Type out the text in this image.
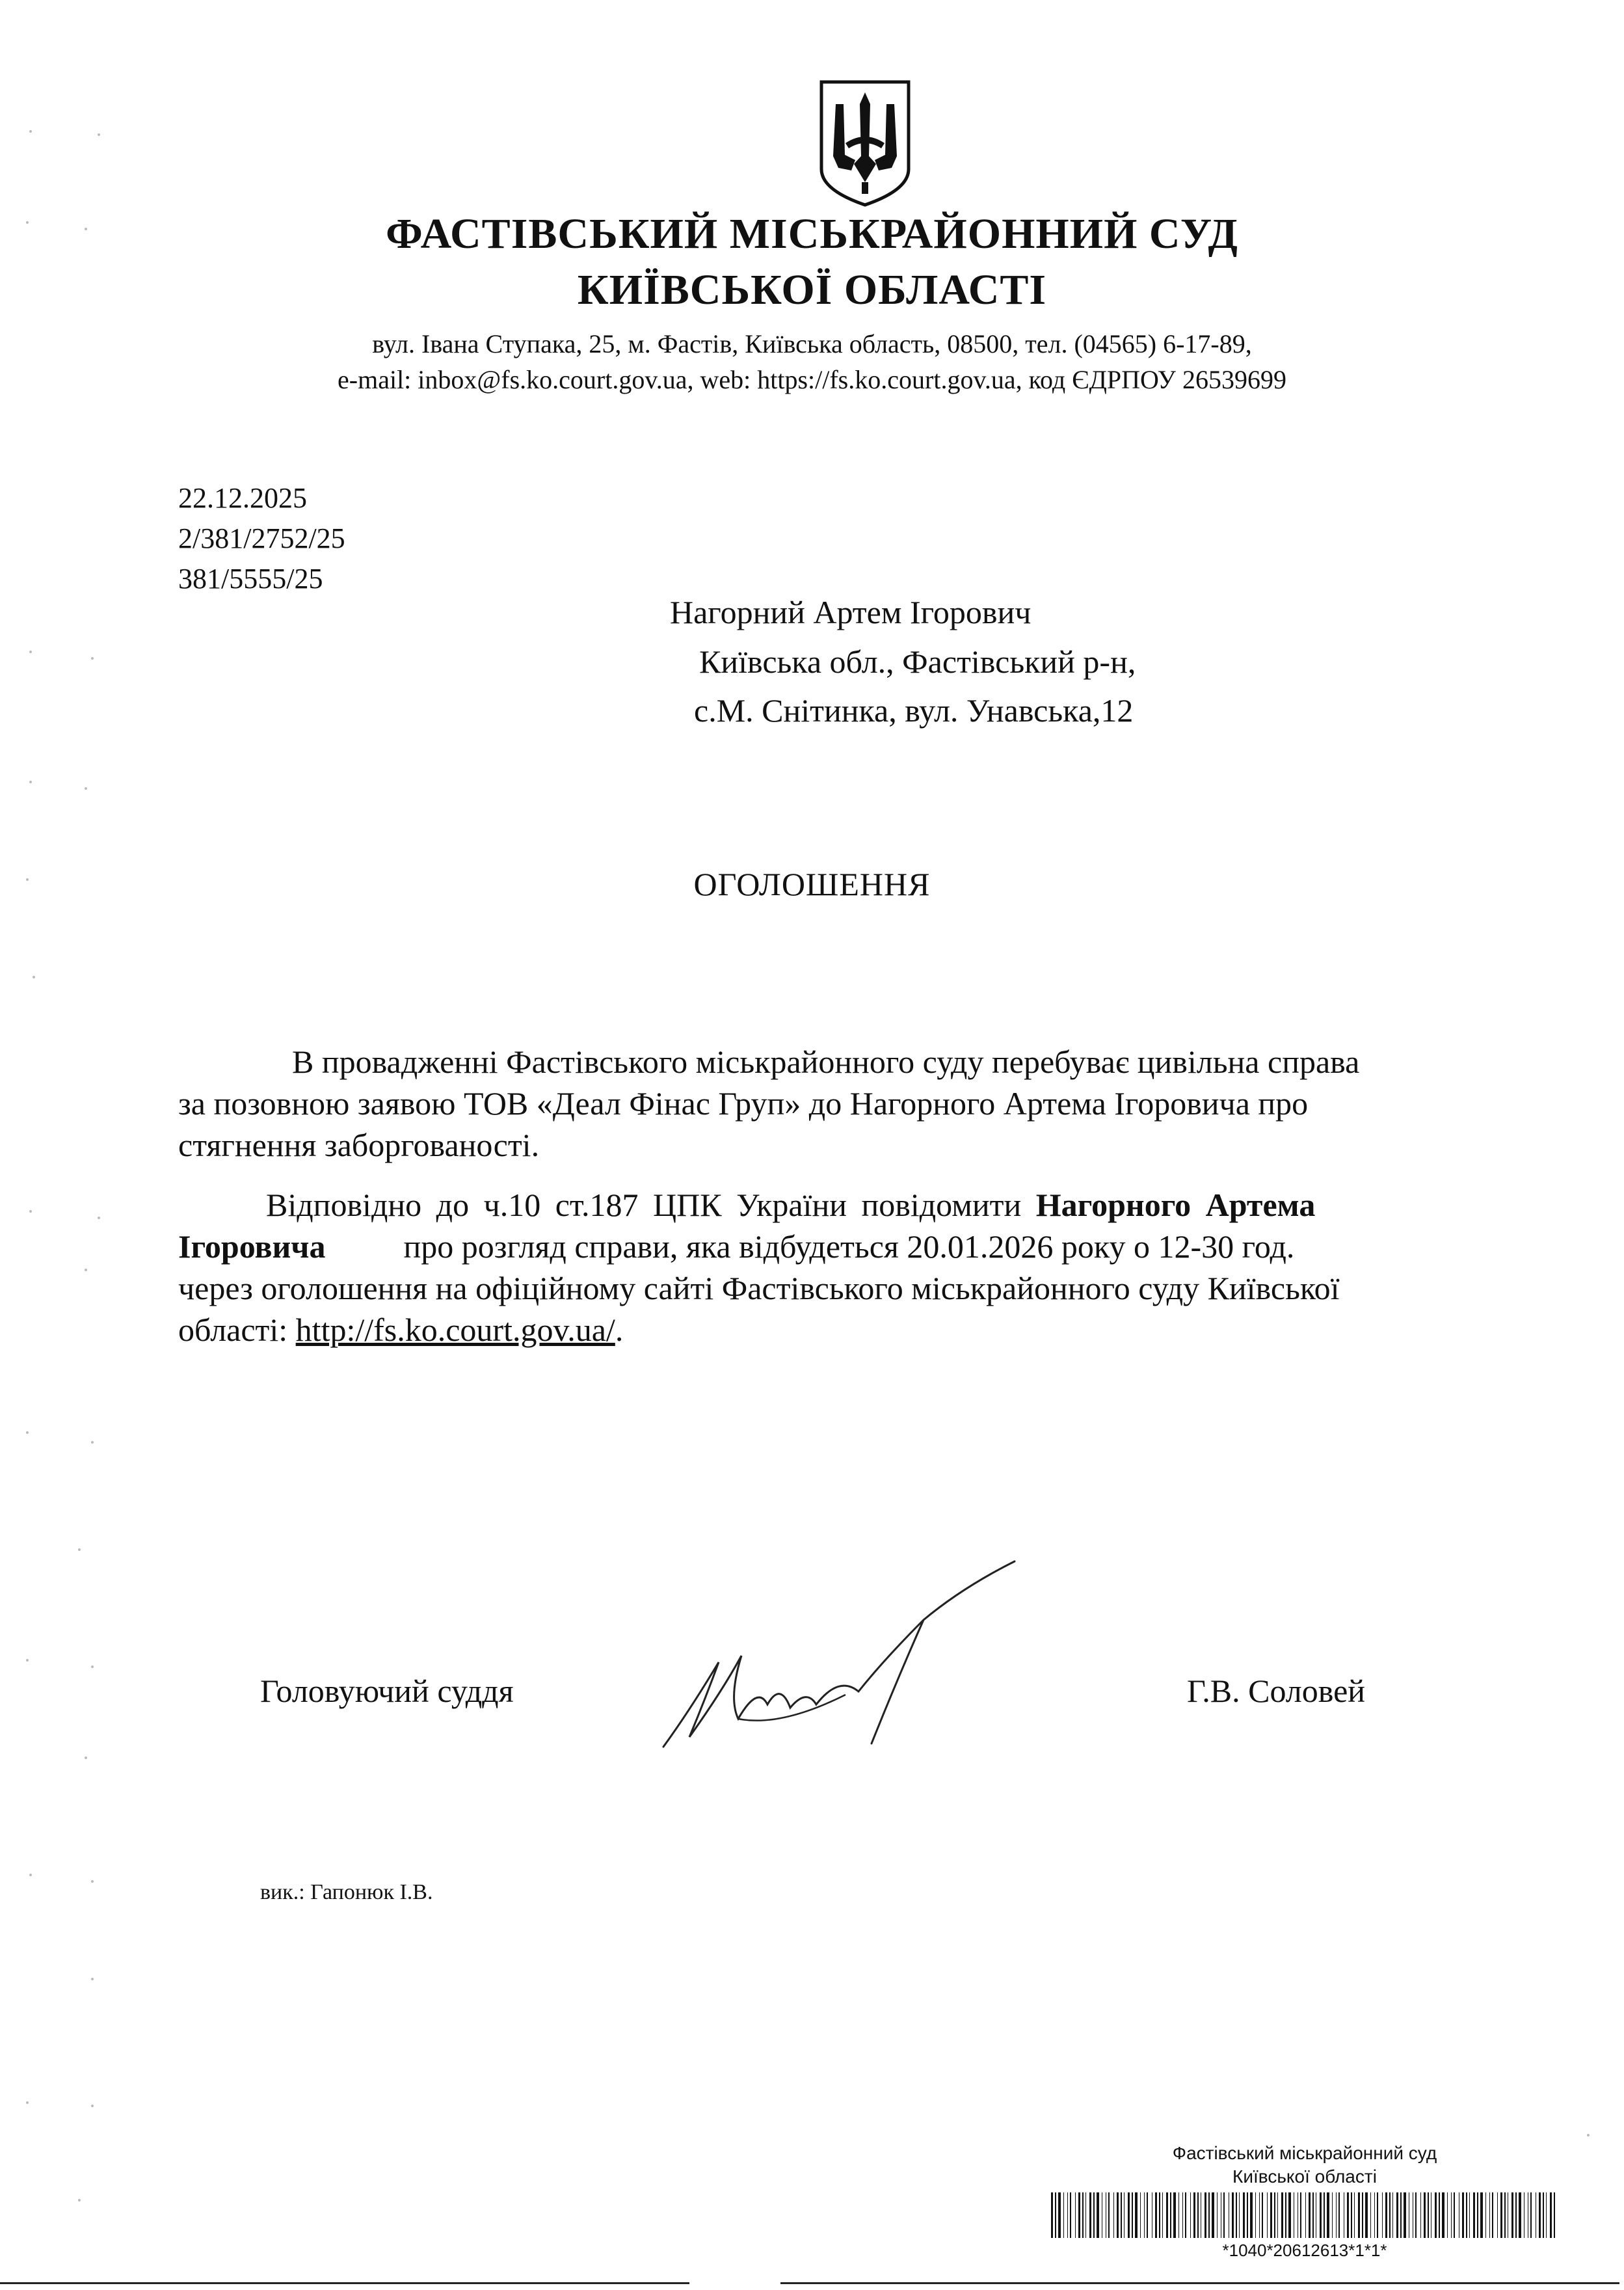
ФАСТІВСЬКИЙ МІСЬКРАЙОННИЙ СУД
КИЇВСЬКОЇ ОБЛАСТІ
вул. Івана Ступака, 25, м. Фастів, Київська область, 08500, тел. (04565) 6-17-89,
e-mail: inbox@fs.ko.court.gov.ua, web: https://fs.ko.court.gov.ua, код ЄДРПОУ 26539699
22.12.2025
2/381/2752/25
381/5555/25
Нагорний Артем Ігорович
Київська обл., Фастівський р-н,
с.М. Снітинка, вул. Унавська,12
ОГОЛОШЕННЯ
В провадженні Фастівського міськрайонного суду перебуває цивільна справа
за позовною заявою ТОВ «Деал Фінас Груп» до Нагорного Артема Ігоровича про
стягнення заборгованості.
Відповідно до ч.10 ст.187 ЦПК України повідомити Нагорного Артема
Ігоровича про розгляд справи, яка відбудеться 20.01.2026 року о 12-30 год.
через оголошення на офіційному сайті Фастівського міськрайонного суду Київської
області: http://fs.ko.court.gov.ua/.
Головуючий суддя	Г.В. Соловей
вик.: Гапонюк І.В.
Фастівський міськрайонний суд
Київської області
*1040*20612613*1*1*
